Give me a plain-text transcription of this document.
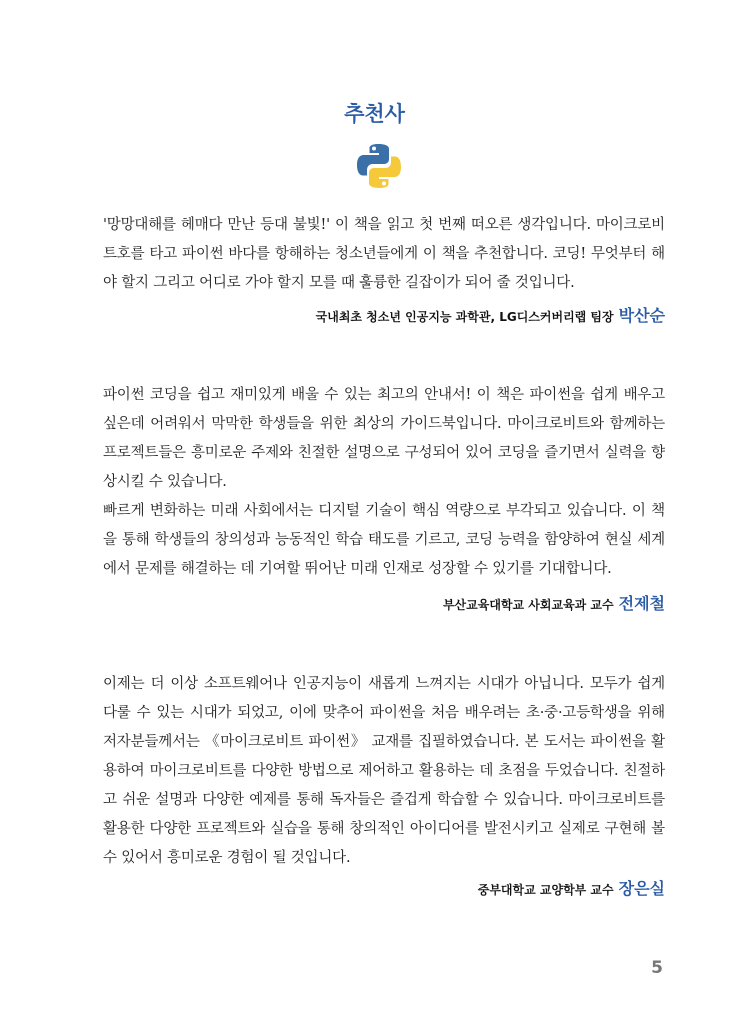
추천사

'망망대해를 헤매다 만난 등대 불빛!' 이 책을 읽고 첫 번째 떠오른 생각입니다. 마이크로비트호를 타고 파이썬 바다를 항해하는 청소년들에게 이 책을 추천합니다. 코딩! 무엇부터 해야 할지 그리고 어디로 가야 할지 모를 때 훌륭한 길잡이가 되어 줄 것입니다.

국내최초 청소년 인공지능 과학관, LG디스커버리랩 팀장 박산순

파이썬 코딩을 쉽고 재미있게 배울 수 있는 최고의 안내서! 이 책은 파이썬을 쉽게 배우고 싶은데 어려워서 막막한 학생들을 위한 최상의 가이드북입니다. 마이크로비트와 함께하는 프로젝트들은 흥미로운 주제와 친절한 설명으로 구성되어 있어 코딩을 즐기면서 실력을 향상시킬 수 있습니다.

빠르게 변화하는 미래 사회에서는 디지털 기술이 핵심 역량으로 부각되고 있습니다. 이 책을 통해 학생들의 창의성과 능동적인 학습 태도를 기르고, 코딩 능력을 함양하여 현실 세계에서 문제를 해결하는 데 기여할 뛰어난 미래 인재로 성장할 수 있기를 기대합니다.

부산교육대학교 사회교육과 교수 전제철

이제는 더 이상 소프트웨어나 인공지능이 새롭게 느껴지는 시대가 아닙니다. 모두가 쉽게 다룰 수 있는 시대가 되었고, 이에 맞추어 파이썬을 처음 배우려는 초·중·고등학생을 위해 저자분들께서는 《마이크로비트 파이썬》 교재를 집필하였습니다. 본 도서는 파이썬을 활용하여 마이크로비트를 다양한 방법으로 제어하고 활용하는 데 초점을 두었습니다. 친절하고 쉬운 설명과 다양한 예제를 통해 독자들은 즐겁게 학습할 수 있습니다. 마이크로비트를 활용한 다양한 프로젝트와 실습을 통해 창의적인 아이디어를 발전시키고 실제로 구현해 볼 수 있어서 흥미로운 경험이 될 것입니다.

중부대학교 교양학부 교수 장은실
5
